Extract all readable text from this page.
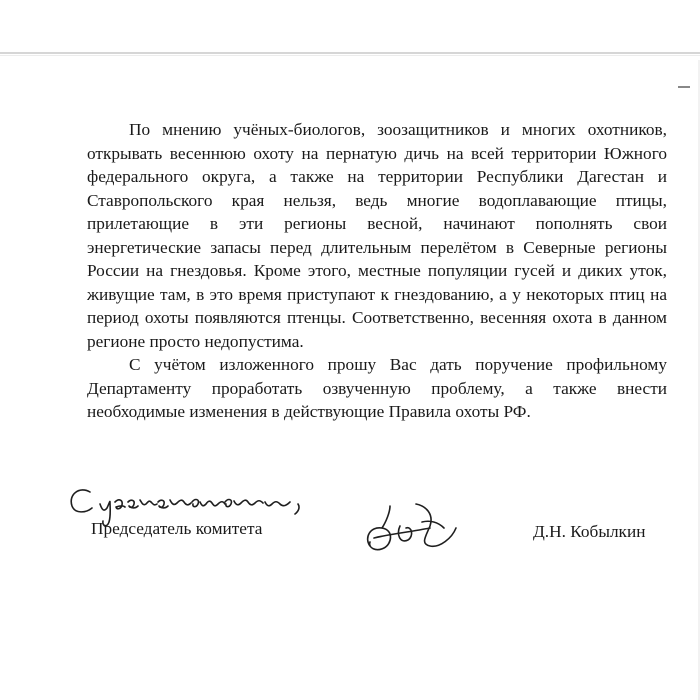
По мнению учёных-биологов, зоозащитников и многих охотников,
открывать весеннюю охоту на пернатую дичь на всей территории Южного
федерального округа, а также на территории Республики Дагестан и
Ставропольского края нельзя, ведь многие водоплавающие птицы,
прилетающие в эти регионы весной, начинают пополнять свои
энергетические запасы перед длительным перелётом в Северные регионы
России на гнездовья. Кроме этого, местные популяции гусей и диких уток,
живущие там, в это время приступают к гнездованию, а у некоторых птиц на
период охоты появляются птенцы. Соответственно, весенняя охота в данном
регионе просто недопустима.

С учётом изложенного прошу Вас дать поручение профильному
Департаменту проработать озвученную проблему, а также внести
необходимые изменения в действующие Правила охоты РФ.

Председатель комитета	Д.Н. Кобылкин
